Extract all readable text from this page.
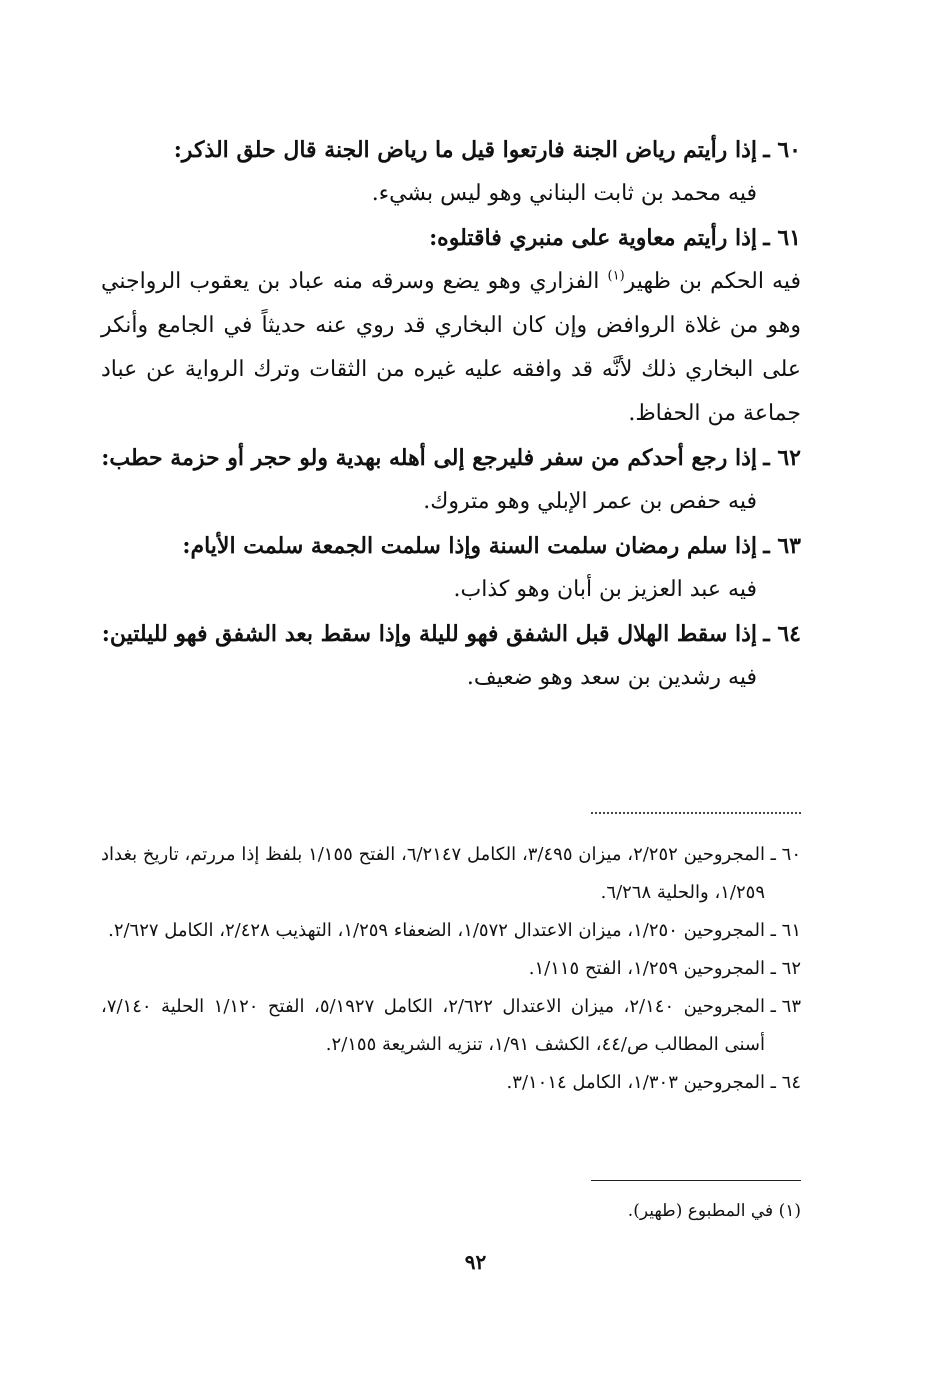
٦٠ ـإذا رأيتم رياض الجنة فارتعوا قيل ما رياض الجنة قال حلق الذكر:
فيه محمد بن ثابت البناني وهو ليس بشيء.
٦١ ـإذا رأيتم معاوية على منبري فاقتلوه:
فيه الحكم بن ظهير$^{(١)}$ الفزاري وهو يضع وسرقه منه عباد بن يعقوب الرواجني وهو من غلاة الروافض وإن كان البخاري قد روي عنه حديثاً في الجامع وأنكر على البخاري ذلك لأنَّه قد وافقه عليه غيره من الثقات وترك الرواية عن عباد جماعة من الحفاظ.
٦٢ ـإذا رجع أحدكم من سفر فليرجع إلى أهله بهدية ولو حجر أو حزمة حطب:
فيه حفص بن عمر الإبلي وهو متروك.
٦٣ ـإذا سلم رمضان سلمت السنة وإذا سلمت الجمعة سلمت الأيام:
فيه عبد العزيز بن أبان وهو كذاب.
٦٤ ـإذا سقط الهلال قبل الشفق فهو لليلة وإذا سقط بعد الشفق فهو لليلتين:
فيه رشدين بن سعد وهو ضعيف.
٦٠ ـالمجروحين ٢/٢٥٢، ميزان ٣/٤٩٥، الكامل ٦/٢١٤٧، الفتح ١/١٥٥ بلفظ إذا مررتم، تاريخ بغداد ١/٢٥٩، والحلية ٦/٢٦٨.
٦١ ـالمجروحين ١/٢٥٠، ميزان الاعتدال ١/٥٧٢، الضعفاء ١/٢٥٩، التهذيب ٢/٤٢٨، الكامل ٢/٦٢٧.
٦٢ ـالمجروحين ١/٢٥٩، الفتح ١/١١٥.
٦٣ ـالمجروحين ٢/١٤٠، ميزان الاعتدال ٢/٦٢٢، الكامل ٥/١٩٢٧، الفتح ١/١٢٠ الحلية ٧/١٤٠، أسنى المطالب ص/٤٤، الكشف ١/٩١، تنزيه الشريعة ٢/١٥٥.
٦٤ ـالمجروحين ١/٣٠٣، الكامل ٣/١٠١٤.
(١) في المطبوع (طهير).
٩٢
